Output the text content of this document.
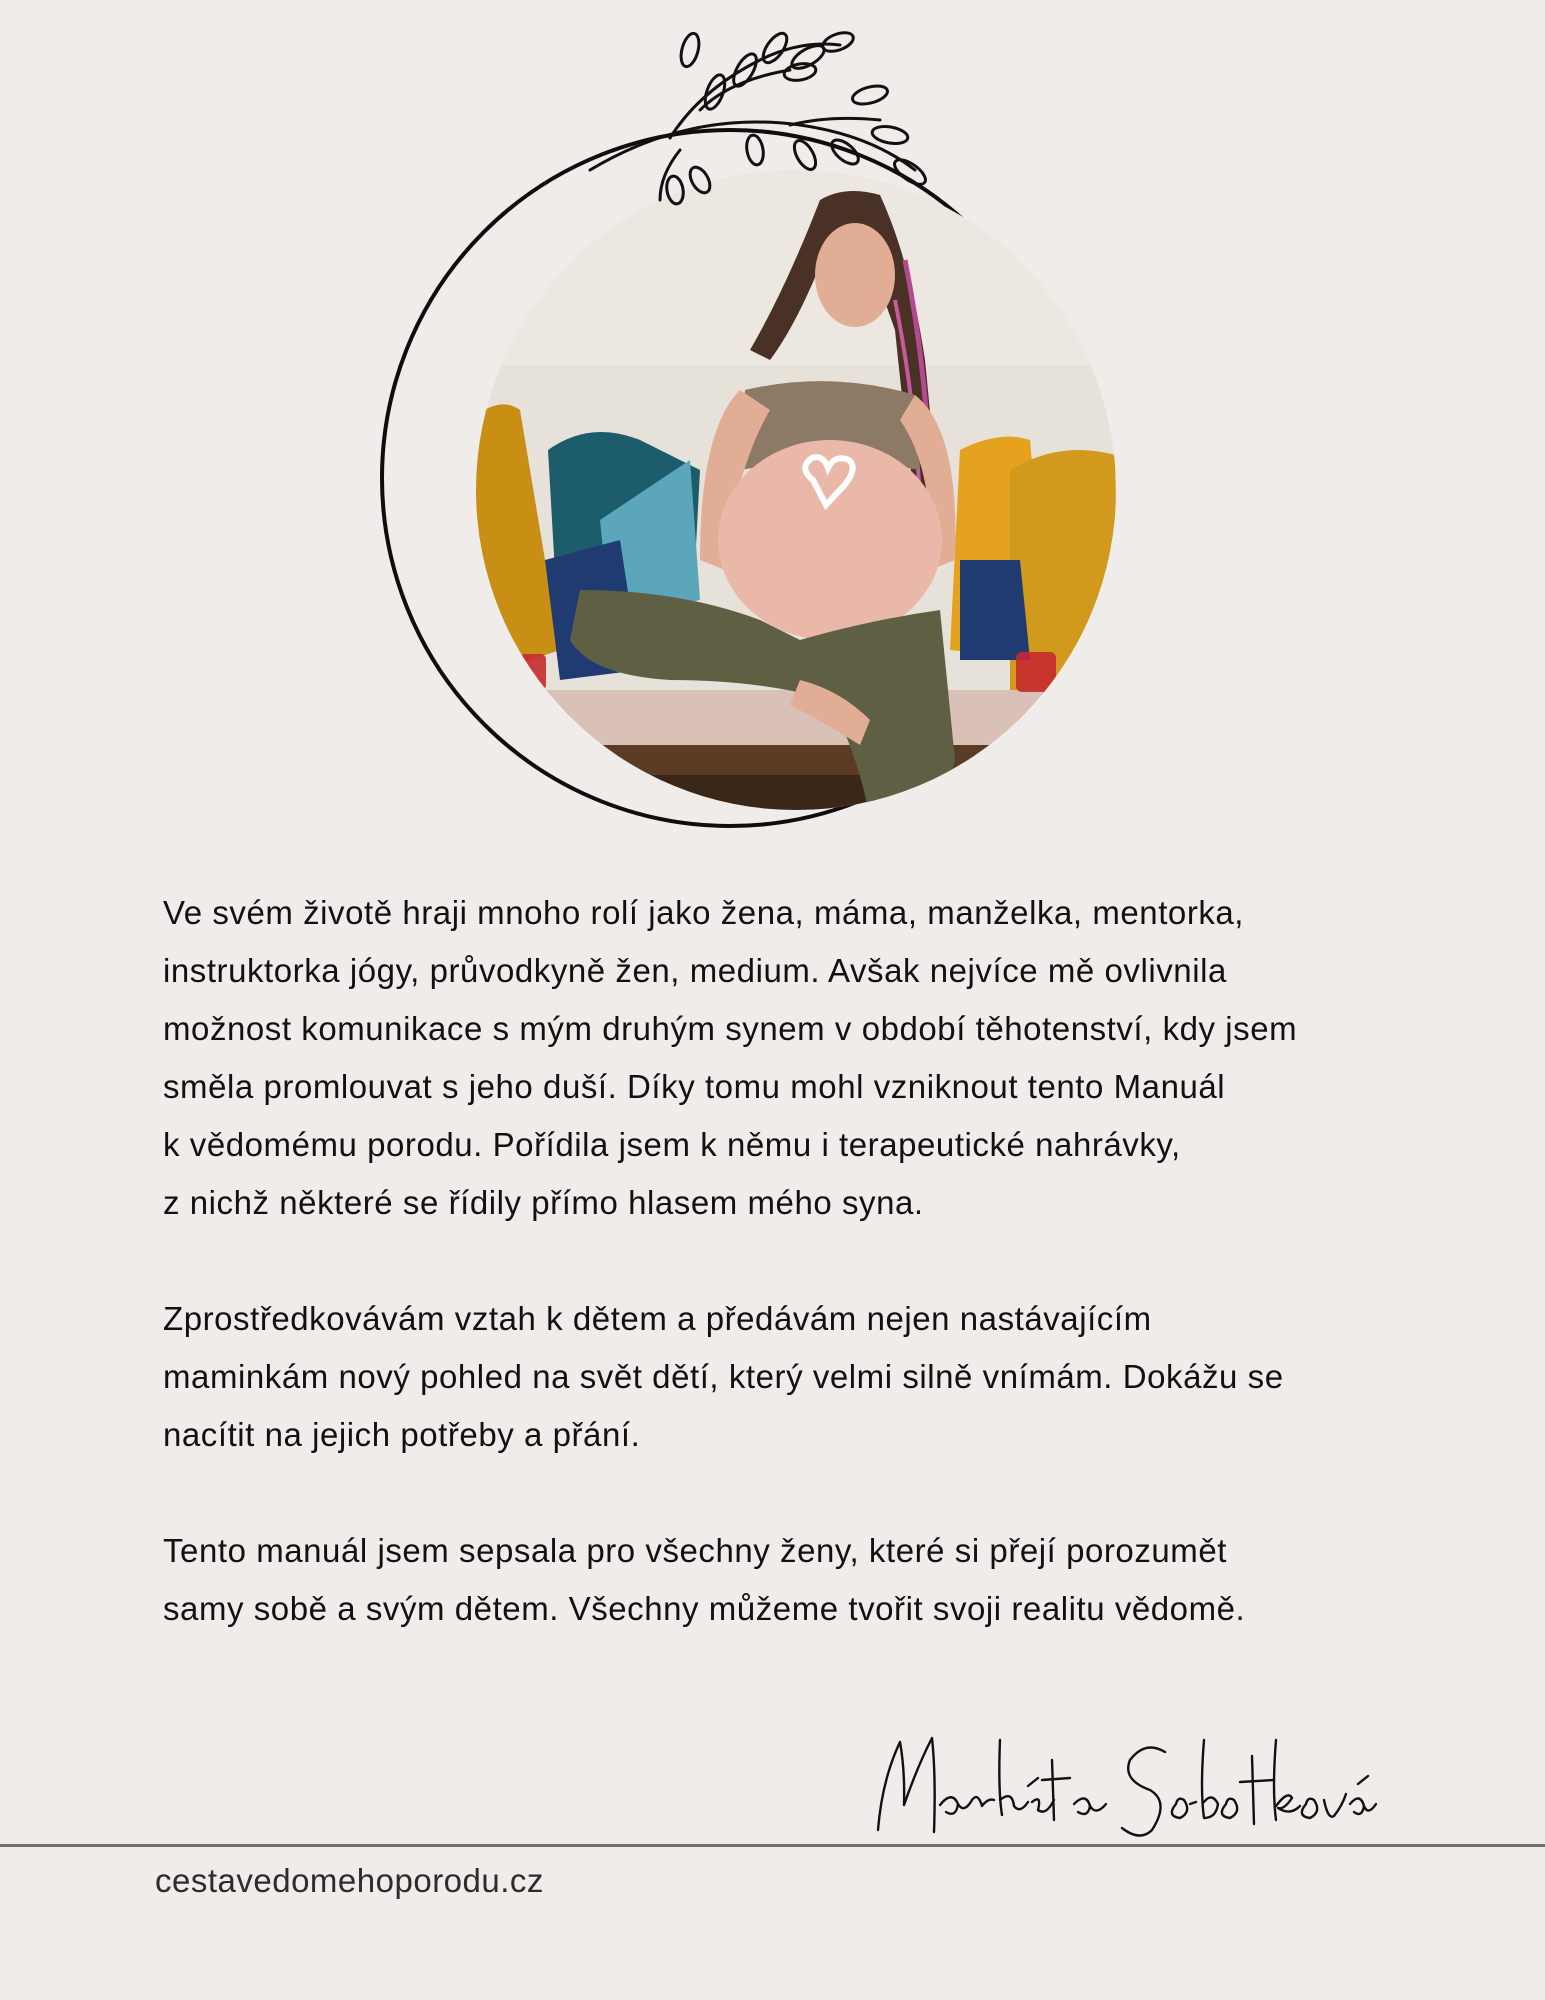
Ve svém životě hraji mnoho rolí jako žena, máma, manželka, mentorka,
instruktorka jógy, průvodkyně žen, medium. Avšak nejvíce mě ovlivnila
možnost komunikace s mým druhým synem v období těhotenství, kdy jsem
směla promlouvat s jeho duší. Díky tomu mohl vzniknout tento Manuál
k vědomému porodu. Pořídila jsem k němu i terapeutické nahrávky,
z nichž některé se řídily přímo hlasem mého syna.

Zprostředkovávám vztah k dětem a předávám nejen nastávajícím
maminkám nový pohled na svět dětí, který velmi silně vnímám. Dokážu se
nacítit na jejich potřeby a přání.

Tento manuál jsem sepsala pro všechny ženy, které si přejí porozumět
samy sobě a svým dětem. Všechny můžeme tvořit svoji realitu vědomě.

cestavedomehoporodu.cz
